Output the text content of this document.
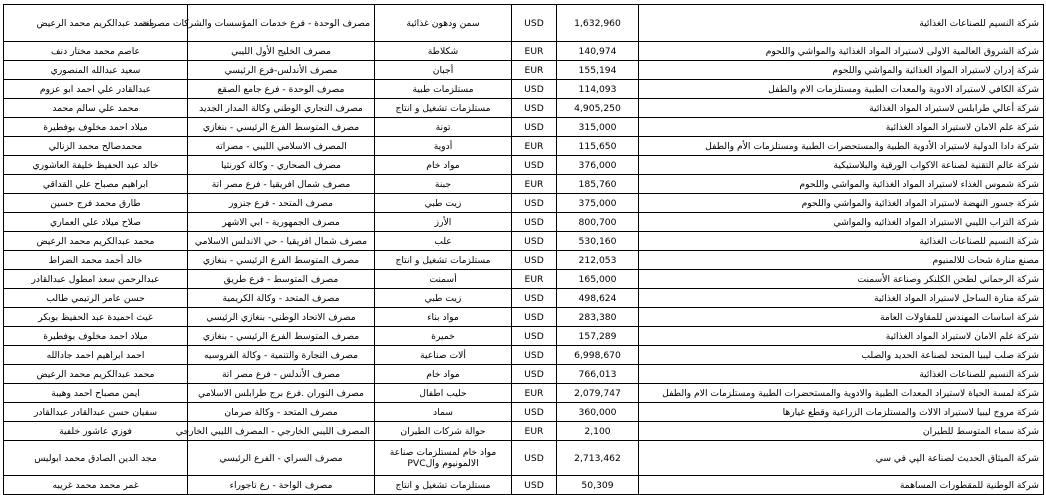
شركة النسيم للصناعات الغذائية	1,632,960	USD	سمن ودهون غذائية	مصرف الوحدة - فرع خدمات المؤسسات والشركات مصراتة	محمد عبدالكريم محمد الرعيض
شركة الشروق العالمية الاولى لاستيراد المواد الغذائية والمواشي واللحوم	140,974	EUR	شكلاطة	مصرف الخليج الأول الليبي	عاصم محمد مختار دنف
شركة إدران لاستيراد المواد الغذائية والمواشي واللحوم	155,194	EUR	أجبان	مصرف الأندلس-فرع الرئيسي	سعيد عبدالله المنصوري
شركة الكافي لاستيراد الادوية والمعدات الطبية ومستلزمات الام والطفل	114,093	USD	مستلزمات طبية	مصرف الوحدة - فرع جامع الصقع	عبدالقادر علي احمد ابو عزوم
شركة أعالي طرابلس لاستيراد المواد الغذائية	4,905,250	USD	مستلزمات تشغيل و انتاج	مصرف التجاري الوطني وكالة المدار الجديد	محمد علي سالم محمد
شركة علم الامان لاستيراد المواد الغذائية	315,000	USD	تونة	مصرف المتوسط الفرع الرئيسي - بنغازي	ميلاد احمد مخلوف بوفطيرة
شركة دادا الدولية لاستيراد الأدوية الطبية والمستحضرات الطبية ومستلزمات الأم والطفل	115,650	EUR	أدوية	المصرف الاسلامي الليبي - مصراته	محمدصالح محمد الزنالي
شركة عالم التقنية لصناعة الاكواب الورقية والبلاستيكية	376,000	USD	مواد خام	مصرف الصحاري - وكالة كورنثيا	خالد عبد الحفيظ خليفة العاشوري
شركة شموس الغذاء لاستيراد المواد الغذائية والمواشي واللحوم	185,760	EUR	جبنة	مصرف شمال افريقيا - فرع مصر اتة	ابراهيم مصباح علي القداقي
شركة جسور النهضة لاستيراد المواد الغذائية والمواشي واللحوم	375,000	USD	زيت طبي	مصرف المتحد - فرع جنزور	طارق محمد فرج حسين
شركة التراب الليبي الاستيراد المواد الغذائيه والمواشي	800,700	USD	الأرز	مصرف الجمهورية - ابي الاشهر	صلاح ميلاد علي العماري
شركة النسيم للصناعات الغذائية	530,160	USD	علب	مصرف شمال افريقيا - حي الاندلس الاسلامي	محمد عبدالكريم محمد الرعيض
مصنع منارة شحات للالمنيوم	212,053	USD	مستلزمات تشغيل و انتاج	مصرف المتوسط الفرع الرئيسي - بنغازي	خالد أحمد محمد الضراط
شركة الرحماني لطحن الكلنكر وصناعة الأسمنت	165,000	EUR	أسمنت	مصرف المتوسط - فرع طريق	عبدالرحمن سعد امطول عبدالقادر
شركة منارة الساحل لاستيراد المواد الغذائية	498,624	USD	زيت طبي	مصرف المتحد - وكالة الكريمية	حسن عامر الرتيمي طالب
شركة اساسات المهندس للمقاولات العامة	283,380	USD	مواد بناء	مصرف الاتحاد الوطني- بنغازي الرئيسي	غيث احميدة عبد الحفيظ بوبكر
شركة علم الامان لاستيراد المواد الغذائية	157,289	USD	خميرة	مصرف المتوسط الفرع الرئيسي - بنغازي	ميلاد احمد مخلوف بوفطيرة
شركة صلب ليبيا المتحد لصناعة الحديد والصلب	6,998,670	USD	ألات صناعية	مصرف التجارة والتنمية - وكالة الفروسيه	احمد ابراهيم احمد جادالله
شركة النسيم للصناعات الغذائية	766,013	USD	مواد خام	مصرف الأندلس - فرع مصر اتة	محمد عبدالكريم محمد الرعيض
شركة لمسة الحياة لاستيراد المعدات الطبية والادوية والمستحضرات الطبية ومستلزمات الام والطفل	2,079,747	EUR	حليب اطفال	مصرف النوران .فرع برج طرابلس الاسلامي	ايمن مصباح احمد وهيبة
شركة مروج ليبيا لاستيراد الالات والمستلزمات الزراعية وقطع غيارها	360,000	USD	سماد	مصرف المتحد - وكالة صرمان	سفيان حسن عبدالقادر عبدالقادر
شركة سماء المتوسط للطيران	2,100	EUR	حوالة شركات الطيران	المصرف الليبي الخارجي - المصرف الليبي الخارجي	فوزي عاشور خلفية
شركة الميثاق الحديث لصناعة الپي في سي	2,713,462	USD	مواد خام لمستلزمات صناعة الالمونيوم والPVC	مصرف السراي - الفرع الرئيسي	مجد الدين الصادق محمد ابوليس
شركة الوطنية للمقطورات المساهمة	50,309	USD	مستلزمات تشغيل و انتاج	مصرف الواحة - رع تاجوراء	غمر محمد محمد غريبه
